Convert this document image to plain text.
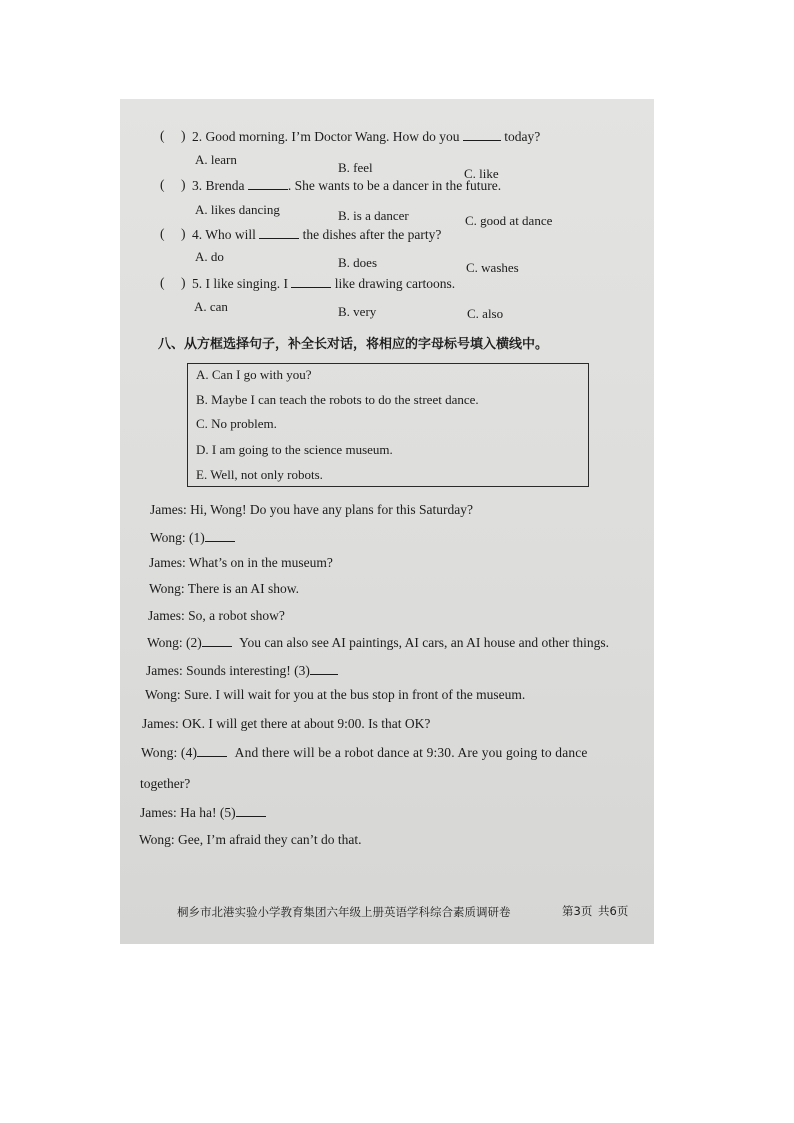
( ) 2. Good morning. I’m Doctor Wang. How do you	today?
A. learn
B. feel	C. like
( ) 3. Brenda	. She wants to be a dancer in the future.
A. likes dancing	B. is a dancer	C. good at dance
( ) 4. Who will	the dishes after the party?
A. do	B. does	C. washes
( ) 5. I like singing. I	like drawing cartoons.
A. can	B. very	C. also
八、从方框选择句子，补全长对话，将相应的字母标号填入横线中。
A. Can I go with you?
B. Maybe I can teach the robots to do the street dance.
C. No problem.
D. I am going to the science museum.
E. Well, not only robots.
James: Hi, Wong! Do you have any plans for this Saturday?
Wong: (1)
James: What’s on in the museum?
Wong: There is an AI show.
James: So, a robot show?
Wong: (2)	You can also see AI paintings, AI cars, an AI house and other things.
James: Sounds interesting! (3)
Wong: Sure. I will wait for you at the bus stop in front of the museum.
James: OK. I will get there at about 9:00. Is that OK?
Wong: (4)	And there will be a robot dance at 9:30. Are you going to dance
together?
James: Ha ha! (5)
Wong: Gee, I’m afraid they can’t do that.
桐乡市北港实验小学教育集团六年级上册英语学科综合素质调研卷	第3页 共6页
